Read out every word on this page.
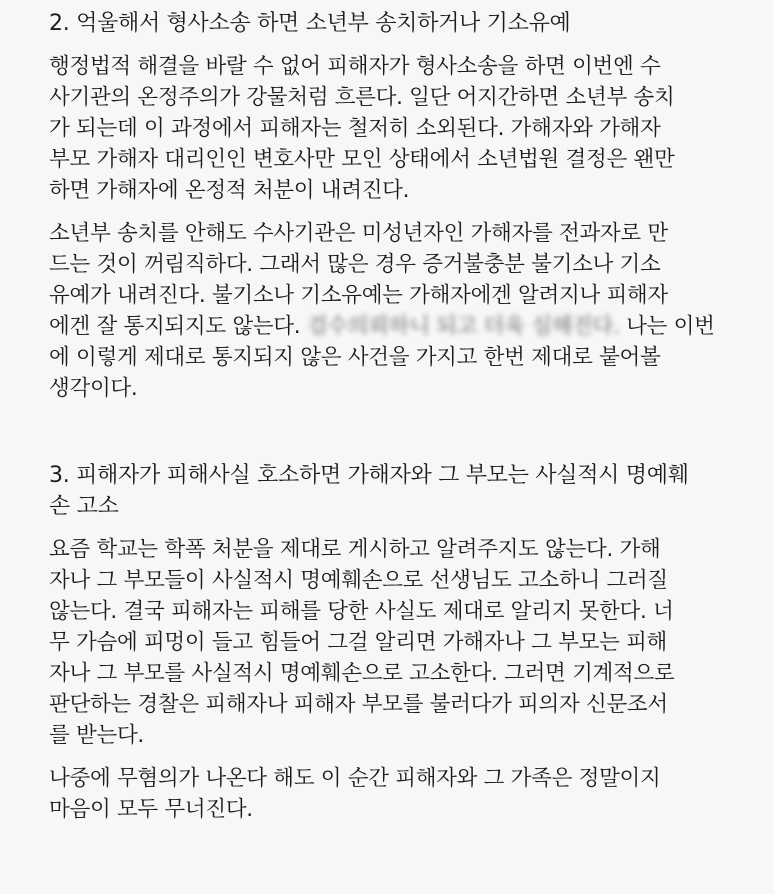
2. 억울해서 형사소송 하면 소년부 송치하거나 기소유예
행정법적 해결을 바랄 수 없어 피해자가 형사소송을 하면 이번엔 수
사기관의 온정주의가 강물처럼 흐른다. 일단 어지간하면 소년부 송치
가 되는데 이 과정에서 피해자는 철저히 소외된다. 가해자와 가해자
부모 가해자 대리인인 변호사만 모인 상태에서 소년법원 결정은 왠만
하면 가해자에 온정적 처분이 내려진다.
소년부 송치를 안해도 수사기관은 미성년자인 가해자를 전과자로 만
드는 것이 꺼림직하다. 그래서 많은 경우 증거불충분 불기소나 기소
유예가 내려진다. 불기소나 기소유예는 가해자에겐 알려지나 피해자
에겐 잘 통지되지도 않는다. 검수의뢰하니 되고 더욱 심해진다. 나는 이번
에 이렇게 제대로 통지되지 않은 사건을 가지고 한번 제대로 붙어볼
생각이다.
3. 피해자가 피해사실 호소하면 가해자와 그 부모는 사실적시 명예훼
손 고소
요즘 학교는 학폭 처분을 제대로 게시하고 알려주지도 않는다. 가해
자나 그 부모들이 사실적시 명예훼손으로 선생님도 고소하니 그러질
않는다. 결국 피해자는 피해를 당한 사실도 제대로 알리지 못한다. 너
무 가슴에 피멍이 들고 힘들어 그걸 알리면 가해자나 그 부모는 피해
자나 그 부모를 사실적시 명예훼손으로 고소한다. 그러면 기계적으로
판단하는 경찰은 피해자나 피해자 부모를 불러다가 피의자 신문조서
를 받는다.
나중에 무혐의가 나온다 해도 이 순간 피해자와 그 가족은 정말이지
마음이 모두 무너진다.
